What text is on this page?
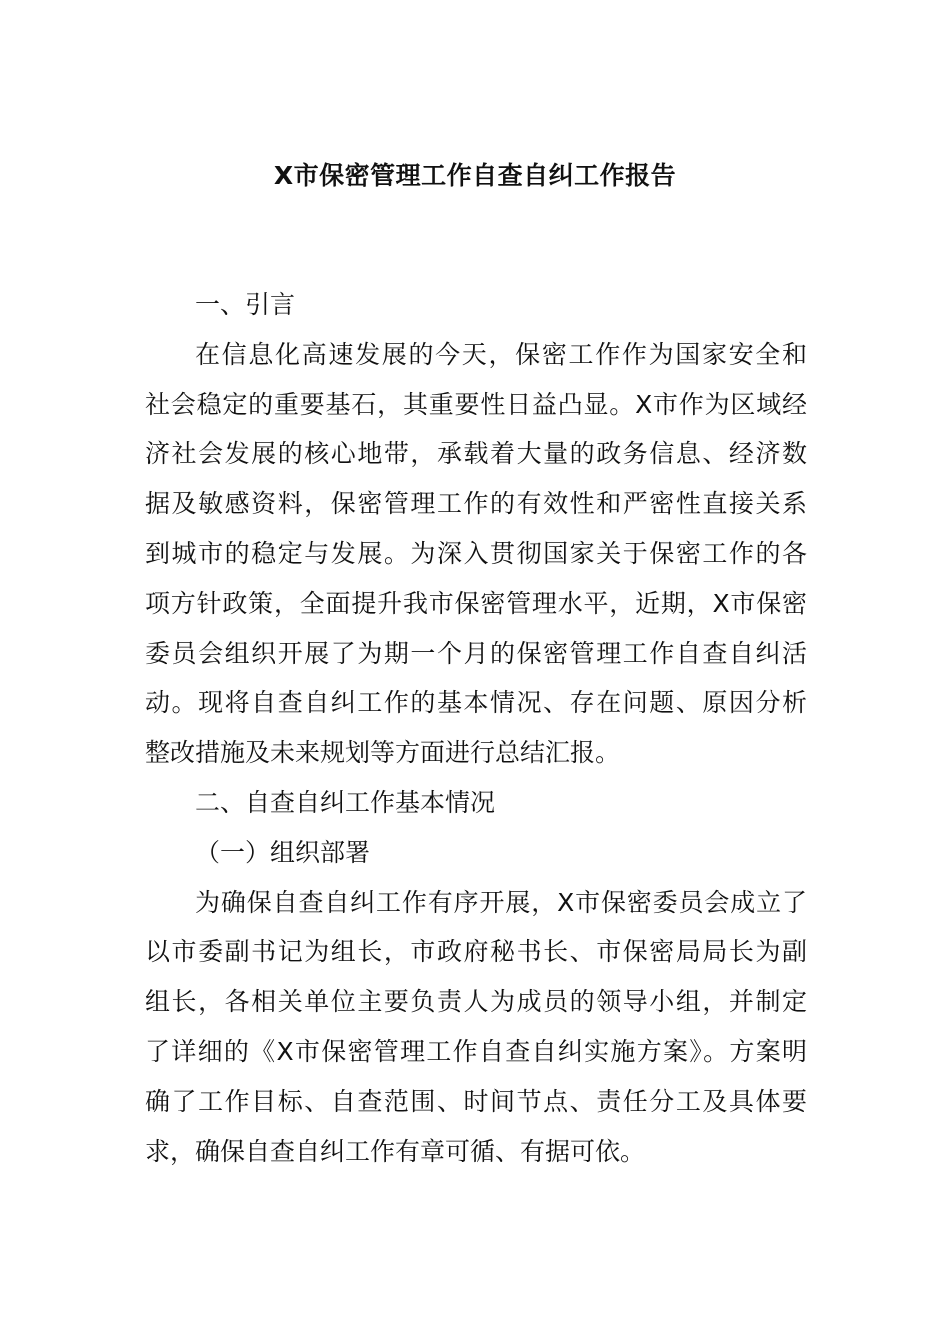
X市保密管理工作自查自纠工作报告

一、引言

在信息化高速发展的今天，保密工作作为国家安全和

社会稳定的重要基石，其重要性日益凸显。X市作为区域经

济社会发展的核心地带，承载着大量的政务信息、经济数

据及敏感资料，保密管理工作的有效性和严密性直接关系

到城市的稳定与发展。为深入贯彻国家关于保密工作的各

项方针政策，全面提升我市保密管理水平，近期，X市保密

委员会组织开展了为期一个月的保密管理工作自查自纠活

动。现将自查自纠工作的基本情况、存在问题、原因分析

整改措施及未来规划等方面进行总结汇报。

二、自查自纠工作基本情况

（一）组织部署

为确保自查自纠工作有序开展，X市保密委员会成立了

以市委副书记为组长，市政府秘书长、市保密局局长为副

组长，各相关单位主要负责人为成员的领导小组，并制定

了详细的《X市保密管理工作自查自纠实施方案》。方案明

确了工作目标、自查范围、时间节点、责任分工及具体要

求，确保自查自纠工作有章可循、有据可依。
